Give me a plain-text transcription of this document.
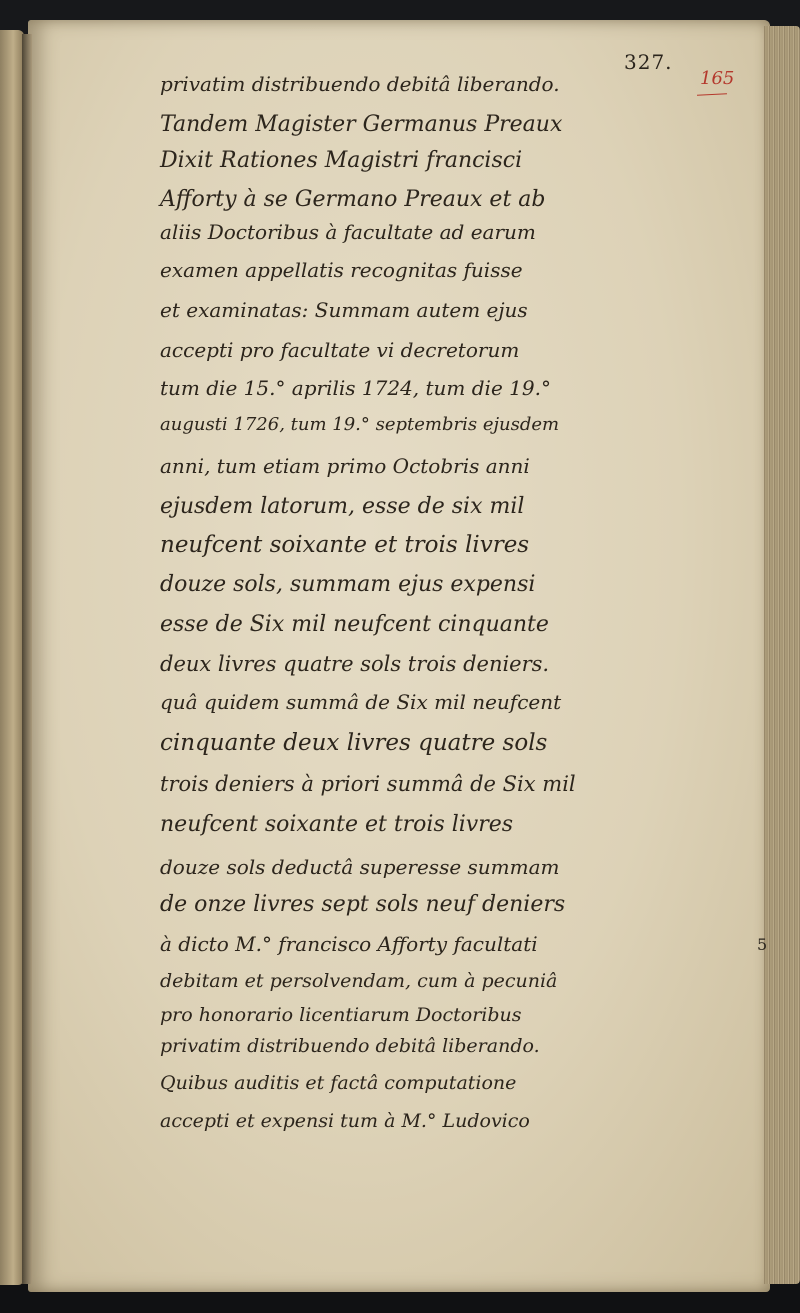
327.
165
5
privatim distribuendo debitâ liberando.
Tandem Magister Germanus Preaux
Dixit Rationes Magistri francisci
Afforty à se Germano Preaux et ab
aliis Doctoribus à facultate ad earum
examen appellatis recognitas fuisse
et examinatas: Summam autem ejus
accepti pro facultate vi decretorum
tum die 15.° aprilis 1724, tum die 19.°
augusti 1726, tum 19.° septembris ejusdem
anni, tum etiam primo Octobris anni
ejusdem latorum, esse de six mil
neufcent soixante et trois livres
douze sols, summam ejus expensi
esse de Six mil neufcent cinquante
deux livres quatre sols trois deniers.
quâ quidem summâ de Six mil neufcent
cinquante deux livres quatre sols
trois deniers à priori summâ de Six mil
neufcent soixante et trois livres
douze sols deductâ superesse summam
de onze livres sept sols neuf deniers
à dicto M.° francisco Afforty facultati
debitam et persolvendam, cum à pecuniâ
pro honorario licentiarum Doctoribus
privatim distribuendo debitâ liberando.
Quibus auditis et factâ computatione
accepti et expensi tum à M.° Ludovico
